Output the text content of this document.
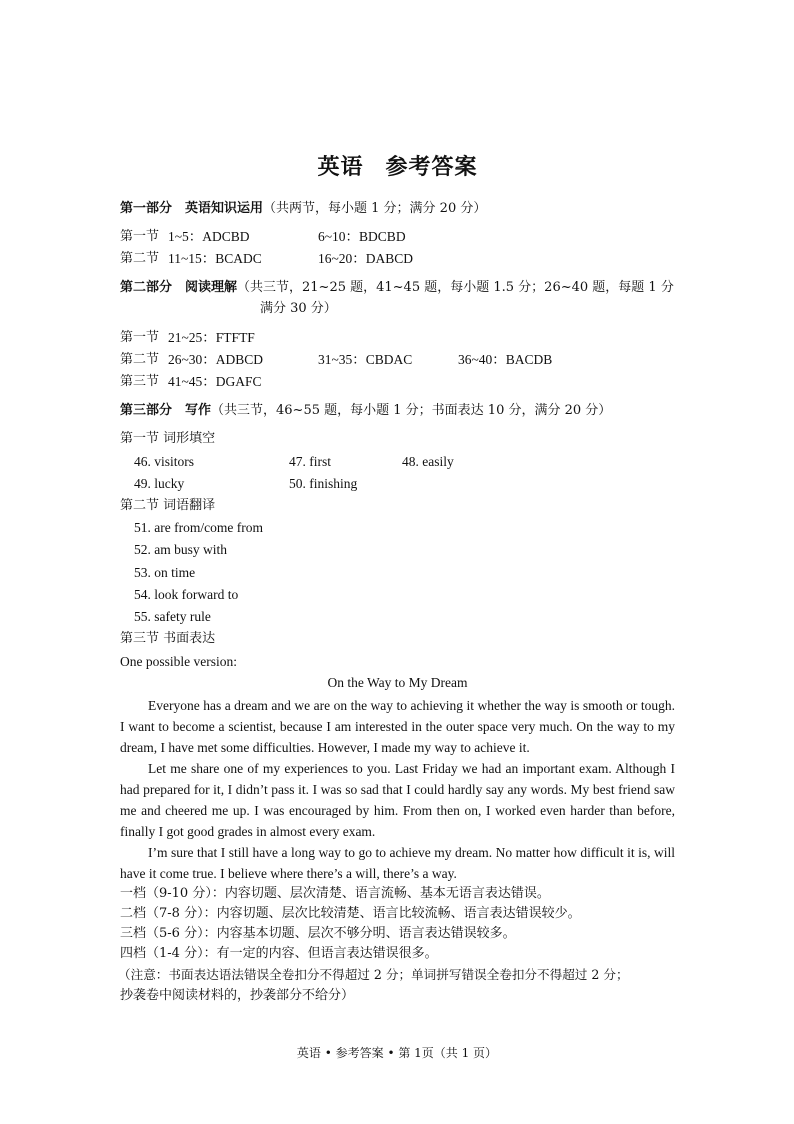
英语 参考答案
第一部分　英语知识运用（共两节，每小题 1 分；满分 20 分）
第一节 1~5：ADCBD	6~10：BDCBD
第二节 11~15：BCADC	16~20：DABCD
第二部分　阅读理解（共三节，21~25 题，41~45 题，每小题 1.5 分；26~40 题，每题 1 分
满分 30 分）
第一节 21~25：FTFTF
第二节 26~30：ADBCD	31~35：CBDAC	36~40：BACDB
第三节 41~45：DGAFC
第三部分　写作（共三节，46~55 题，每小题 1 分；书面表达 10 分，满分 20 分）
第一节 词形填空
46. visitors	47. first	48. easily
49. lucky	50. finishing
第二节 词语翻译
51. are from/come from
52. am busy with
53. on time
54. look forward to
55. safety rule
第三节 书面表达
One possible version:
On the Way to My Dream

Everyone has a dream and we are on the way to achieving it whether the way is smooth or tough. I want to become a scientist, because I am interested in the outer space very much. On the way to my dream, I have met some difficulties. However, I made my way to achieve it.

Let me share one of my experiences to you. Last Friday we had an important exam. Although I had prepared for it, I didn’t pass it. I was so sad that I could hardly say any words. My best friend saw me and cheered me up. I was encouraged by him. From then on, I worked even harder than before, finally I got good grades in almost every exam.

I’m sure that I still have a long way to go to achieve my dream. No matter how difficult it is, will have it come true. I believe where there’s a will, there’s a way.

一档（9-10 分）：内容切题、层次清楚、语言流畅、基本无语言表达错误。
二档（7-8 分）：内容切题、层次比较清楚、语言比较流畅、语言表达错误较少。
三档（5-6 分）：内容基本切题、层次不够分明、语言表达错误较多。
四档（1-4 分）：有一定的内容、但语言表达错误很多。
（注意：书面表达语法错误全卷扣分不得超过 2 分；单词拼写错误全卷扣分不得超过 2 分；
抄袭卷中阅读材料的，抄袭部分不给分）
英语 • 参考答案 • 第 1页（共 1 页）
